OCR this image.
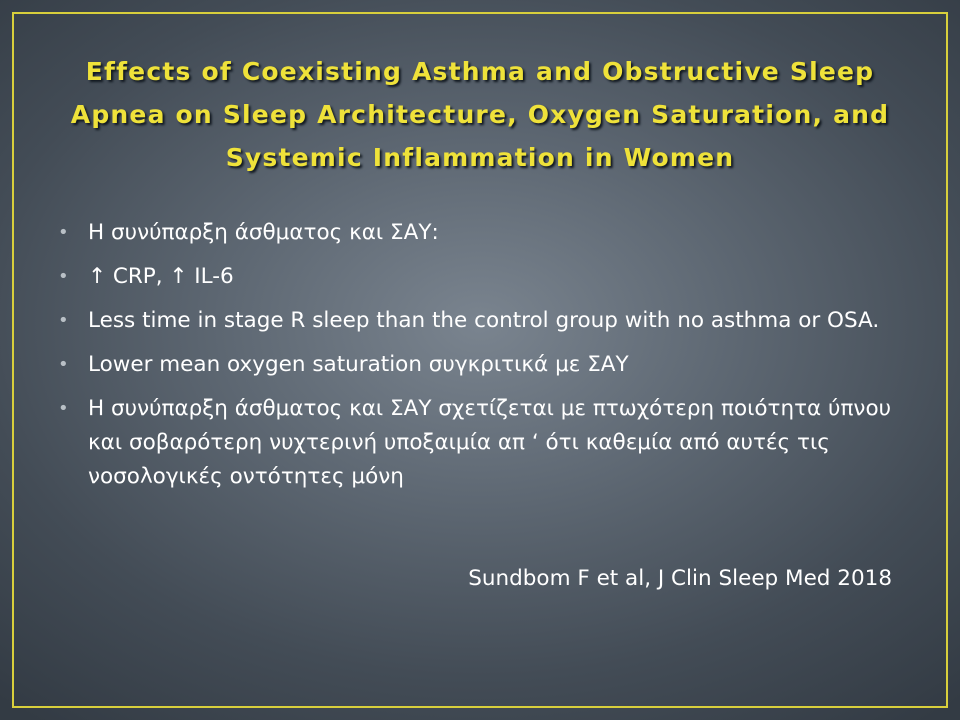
Effects of Coexisting Asthma and Obstructive Sleep Apnea on Sleep Architecture, Oxygen Saturation, and Systemic Inflammation in Women
• Η συνύπαρξη άσθματος και ΣΑΥ:
• ↑ CRP, ↑ IL-6
• Less time in stage R sleep than the control group with no asthma or OSA.
• Lower mean oxygen saturation συγκριτικά με ΣΑΥ
• Η συνύπαρξη άσθματος και ΣΑΥ σχετίζεται με πτωχότερη ποιότητα ύπνου και σοβαρότερη νυχτερινή υποξαιμία απ ‘ ότι καθεμία από αυτές τις νοσολογικές οντότητες μόνη

Sundbom F et al, J Clin Sleep Med 2018
